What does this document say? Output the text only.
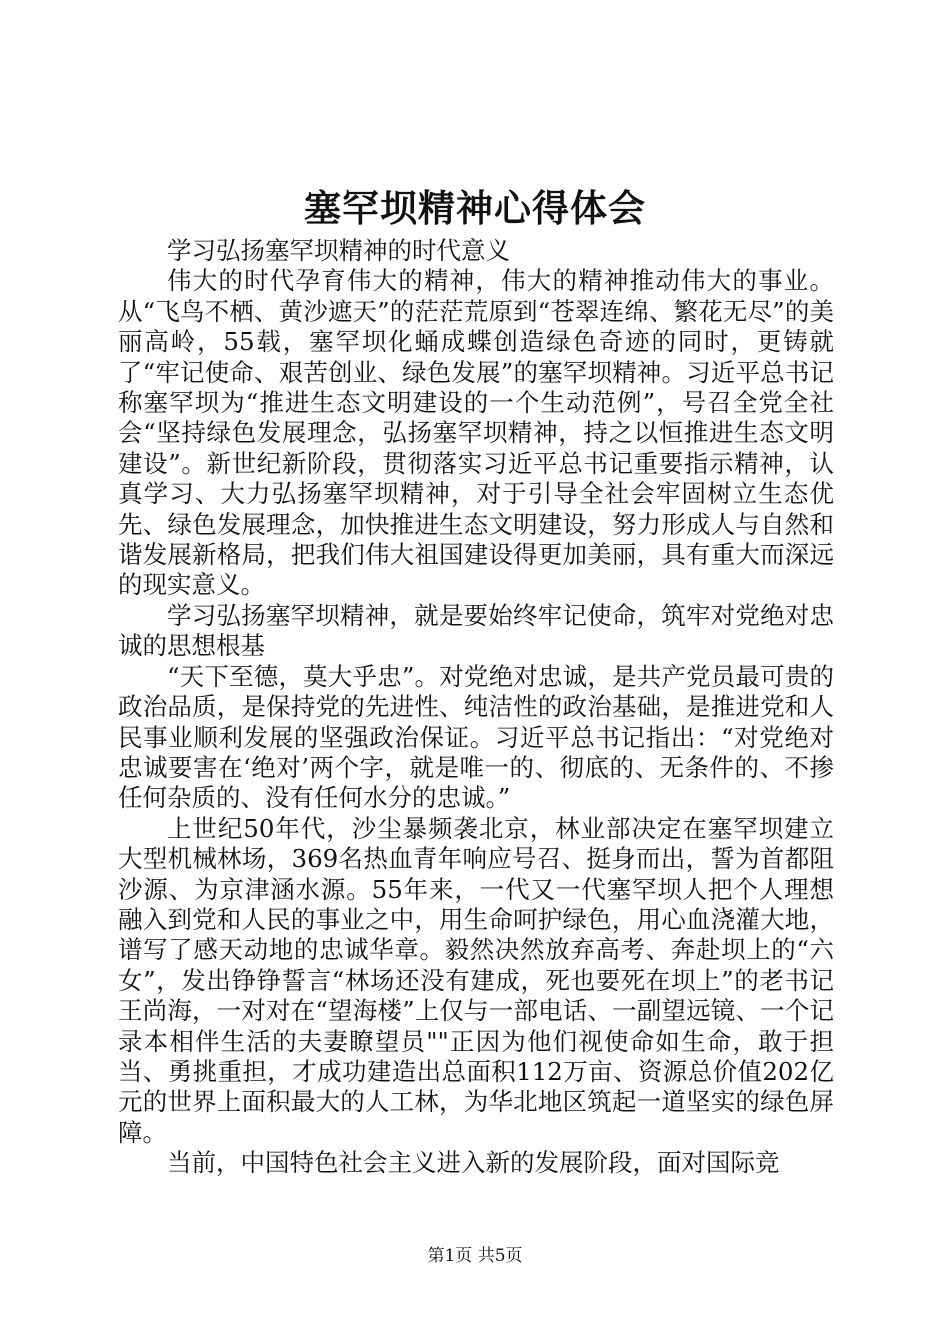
塞罕坝精神心得体会

学习弘扬塞罕坝精神的时代意义

伟大的时代孕育伟大的精神，伟大的精神推动伟大的事业。从“飞鸟不栖、黄沙遮天”的茫茫荒原到“苍翠连绵、繁花无尽”的美丽高岭，55载，塞罕坝化蛹成蝶创造绿色奇迹的同时，更铸就了“牢记使命、艰苦创业、绿色发展”的塞罕坝精神。习近平总书记称塞罕坝为“推进生态文明建设的一个生动范例”，号召全党全社会“坚持绿色发展理念，弘扬塞罕坝精神，持之以恒推进生态文明建设”。新世纪新阶段，贯彻落实习近平总书记重要指示精神，认真学习、大力弘扬塞罕坝精神，对于引导全社会牢固树立生态优先、绿色发展理念，加快推进生态文明建设，努力形成人与自然和谐发展新格局，把我们伟大祖国建设得更加美丽，具有重大而深远的现实意义。

学习弘扬塞罕坝精神，就是要始终牢记使命，筑牢对党绝对忠诚的思想根基

“天下至德，莫大乎忠”。对党绝对忠诚，是共产党员最可贵的政治品质，是保持党的先进性、纯洁性的政治基础，是推进党和人民事业顺利发展的坚强政治保证。习近平总书记指出：“对党绝对忠诚要害在‘绝对’两个字，就是唯一的、彻底的、无条件的、不掺任何杂质的、没有任何水分的忠诚。”

上世纪50年代，沙尘暴频袭北京，林业部决定在塞罕坝建立大型机械林场，369名热血青年响应号召、挺身而出，誓为首都阻沙源、为京津涵水源。55年来，一代又一代塞罕坝人把个人理想融入到党和人民的事业之中，用生命呵护绿色，用心血浇灌大地，谱写了感天动地的忠诚华章。毅然决然放弃高考、奔赴坝上的“六女”，发出铮铮誓言“林场还没有建成，死也要死在坝上”的老书记王尚海，一对对在“望海楼”上仅与一部电话、一副望远镜、一个记录本相伴生活的夫妻瞭望员""正因为他们视使命如生命，敢于担当、勇挑重担，才成功建造出总面积112万亩、资源总价值202亿元的世界上面积最大的人工林，为华北地区筑起一道坚实的绿色屏障。

当前，中国特色社会主义进入新的发展阶段，面对国际竞

第1页 共5页
